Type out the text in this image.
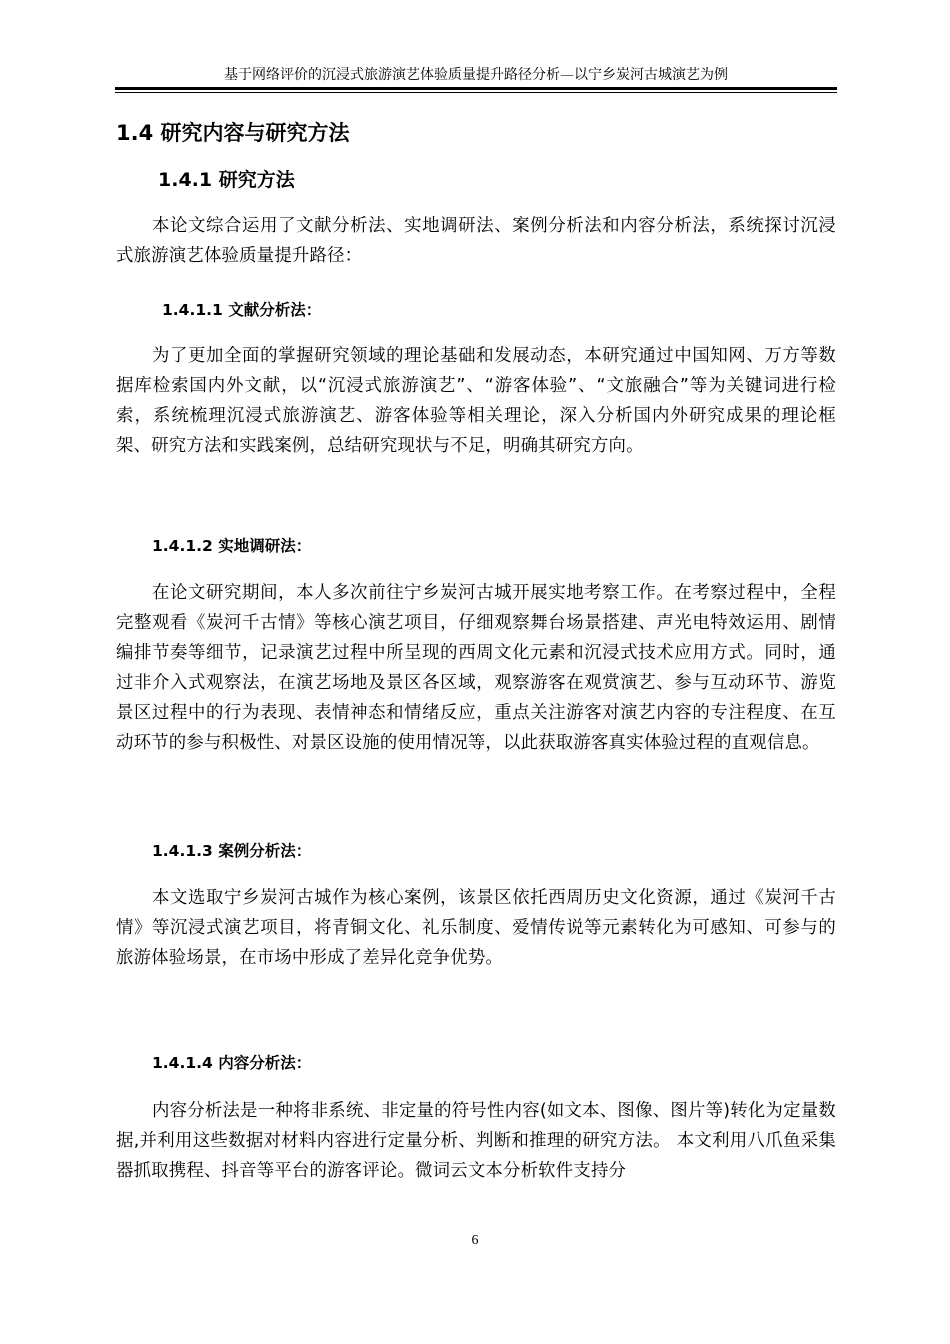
基于网络评价的沉浸式旅游演艺体验质量提升路径分析—以宁乡炭河古城演艺为例
1.4 研究内容与研究方法
1.4.1 研究方法
本论文综合运用了文献分析法、实地调研法、案例分析法和内容分析法，系统探讨沉浸式旅游演艺体验质量提升路径：
1.4.1.1 文献分析法：
为了更加全面的掌握研究领域的理论基础和发展动态，本研究通过中国知网、万方等数据库检索国内外文献，以“沉浸式旅游演艺”、“游客体验”、“文旅融合”等为关键词进行检索，系统梳理沉浸式旅游演艺、游客体验等相关理论，深入分析国内外研究成果的理论框架、研究方法和实践案例，总结研究现状与不足，明确其研究方向。
1.4.1.2 实地调研法：
在论文研究期间，本人多次前往宁乡炭河古城开展实地考察工作。在考察过程中，全程完整观看《炭河千古情》等核心演艺项目，仔细观察舞台场景搭建、声光电特效运用、剧情编排节奏等细节，记录演艺过程中所呈现的西周文化元素和沉浸式技术应用方式。同时，通过非介入式观察法，在演艺场地及景区各区域，观察游客在观赏演艺、参与互动环节、游览景区过程中的行为表现、表情神态和情绪反应，重点关注游客对演艺内容的专注程度、在互动环节的参与积极性、对景区设施的使用情况等，以此获取游客真实体验过程的直观信息。
1.4.1.3 案例分析法：
本文选取宁乡炭河古城作为核心案例，该景区依托西周历史文化资源，通过《炭河千古情》等沉浸式演艺项目，将青铜文化、礼乐制度、爱情传说等元素转化为可感知、可参与的旅游体验场景，在市场中形成了差异化竞争优势。
1.4.1.4 内容分析法：
内容分析法是一种将非系统、非定量的符号性内容(如文本、图像、图片等)转化为定量数据,并利用这些数据对材料内容进行定量分析、判断和推理的研究方法。 本文利用八爪鱼采集器抓取携程、抖音等平台的游客评论。微词云文本分析软件支持分
6
